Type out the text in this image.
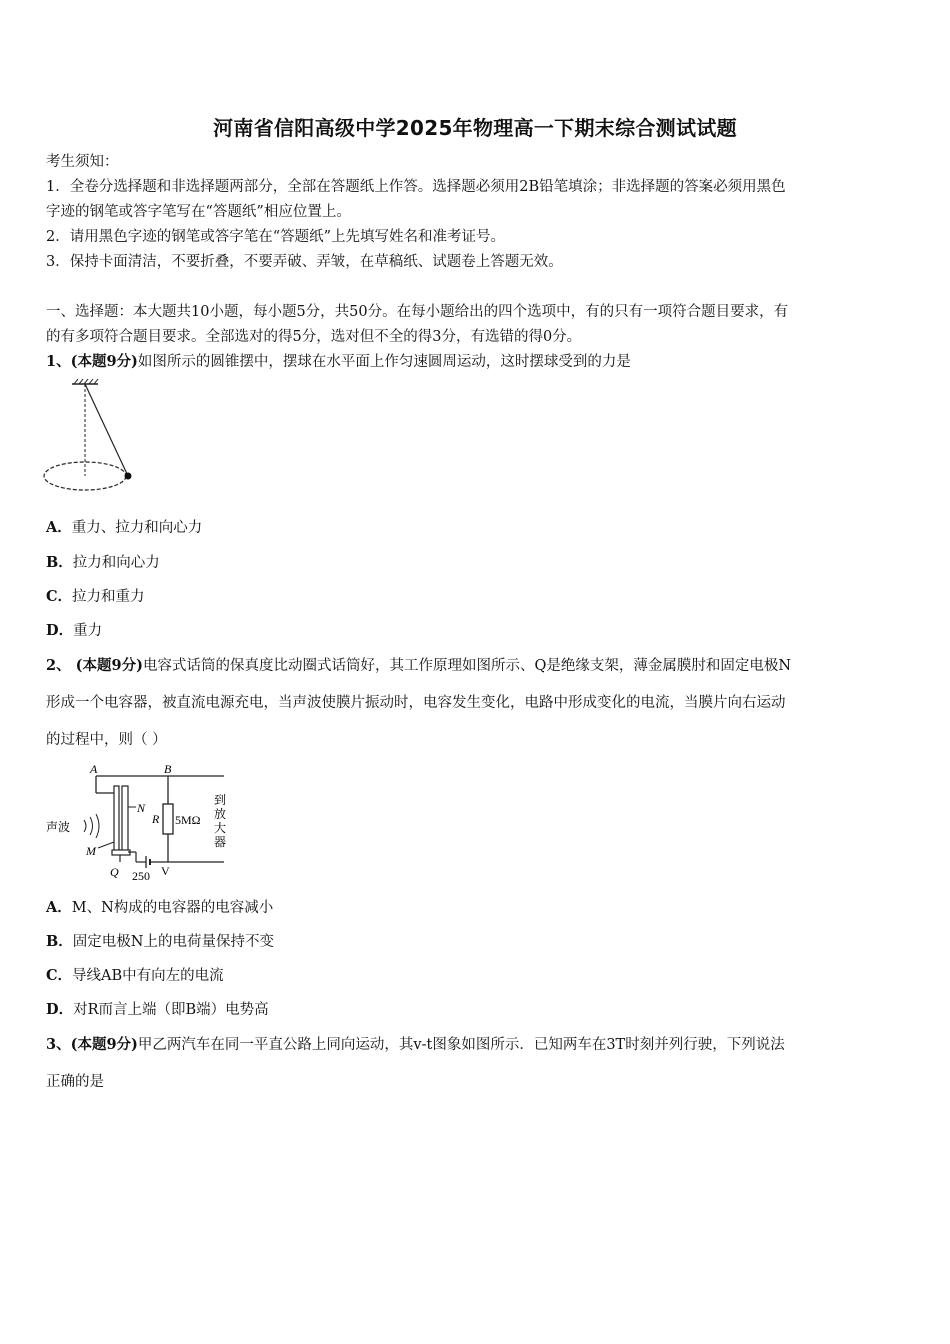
河南省信阳高级中学2025年物理高一下期末综合测试试题
考生须知：
1．全卷分选择题和非选择题两部分，全部在答题纸上作答。选择题必须用2B铅笔填涂；非选择题的答案必须用黑色
字迹的钢笔或答字笔写在“答题纸”相应位置上。
2．请用黑色字迹的钢笔或答字笔在“答题纸”上先填写姓名和准考证号。
3．保持卡面清洁，不要折叠，不要弄破、弄皱，在草稿纸、试题卷上答题无效。
一、选择题：本大题共10小题，每小题5分，共50分。在每小题给出的四个选项中，有的只有一项符合题目要求，有
的有多项符合题目要求。全部选对的得5分，选对但不全的得3分，有选错的得0分。
1、(本题9分)如图所示的圆锥摆中，摆球在水平面上作匀速圆周运动，这时摆球受到的力是
A．重力、拉力和向心力
B．拉力和向心力
C．拉力和重力
D．重力
2、 (本题9分)电容式话筒的保真度比动圈式话筒好，其工作原理如图所示、Q是绝缘支架，薄金属膜肘和固定电极N
形成一个电容器，被直流电源充电，当声波使膜片振动时，电容发生变化，电路中形成变化的电流，当膜片向右运动
的过程中，则（ ）
A	B
N
Q 250 V
R 5MΩ
到
放
大
器
声波
M
A．M、N构成的电容器的电容减小
B．固定电极N上的电荷量保持不变
C．导线AB中有向左的电流
D．对R而言上端（即B端）电势高
3、(本题9分)甲乙两汽车在同一平直公路上同向运动，其v-t图象如图所示．已知两车在3T时刻并列行驶，下列说法
正确的是
